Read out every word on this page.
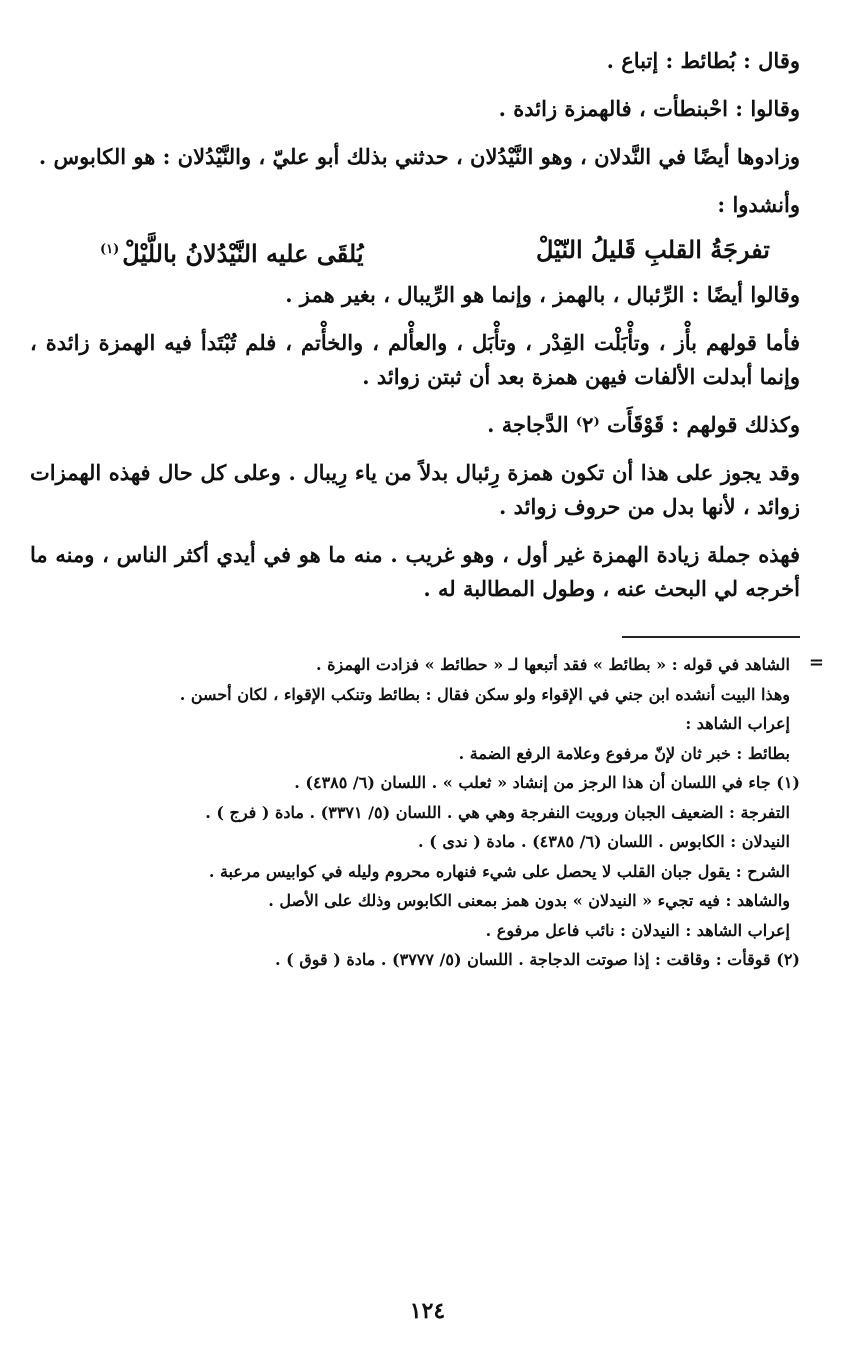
وقال : بُطائط : إتباع .

وقالوا : احْبنطأت ، فالهمزة زائدة .

وزادوها أيضًا في النَّدلان ، وهو النَّيْدُلان ، حدثني بذلك أبو عليّ ، والنَّيْدُلان : هو الكابوس .

وأنشدوا :

تفرجَةُ القلبِ قَليلُ النّيْلْ
يُلقَى عليه النَّيْدُلانُ باللَّيْلْ$^{(١)}$

وقالوا أيضًا : الرِّئبال ، بالهمز ، وإنما هو الرِّيبال ، بغير همز .

فأما قولهم بأْز ، وتأْبَلْت القِدْر ، وتأْبَل ، والعأْلم ، والخأْتم ، فلم تُبْتَدأ فيه الهمزة زائدة ، وإنما أبدلت الألفات فيهن همزة بعد أن ثبتن زوائد .

وكذلك قولهم : قَوْقَأَت ⁽٢⁾ الدَّجاجة .

وقد يجوز على هذا أن تكون همزة رِئبال بدلاً من ياء رِيبال . وعلى كل حال فهذه الهمزات زوائد ، لأنها بدل من حروف زوائد .

فهذه جملة زيادة الهمزة غير أول ، وهو غريب . منه ما هو في أيدي أكثر الناس ، ومنه ما أخرجه لي البحث عنه ، وطول المطالبة له .

=

الشاهد في قوله : « بطائط » فقد أتبعها لـ « حطائط » فزادت الهمزة .

وهذا البيت أنشده ابن جني في الإقواء ولو سكن فقال : بطائط وتنكب الإقواء ، لكان أحسن .

إعراب الشاهد :

بطائط : خبر ثان لإنّ مرفوع وعلامة الرفع الضمة .

(١) جاء في اللسان أن هذا الرجز من إنشاد « ثعلب » . اللسان (٦/ ٤٣٨٥) .

التفرجة : الضعيف الجبان ورويت النفرجة وهي هي . اللسان (٥/ ٣٣٧١) . مادة ( فرج ) .

النيدلان : الكابوس . اللسان (٦/ ٤٣٨٥) . مادة ( ندى ) .

الشرح : يقول جبان القلب لا يحصل على شيء فنهاره محروم وليله في كوابيس مرعبة .

والشاهد : فيه تجيء « النيدلان » بدون همز بمعنى الكابوس وذلك على الأصل .

إعراب الشاهد : النيدلان : نائب فاعل مرفوع .

(٢) قوقأت : وقاقت : إذا صوتت الدجاجة . اللسان (٥/ ٣٧٧٧) . مادة ( قوق ) .

١٢٤
